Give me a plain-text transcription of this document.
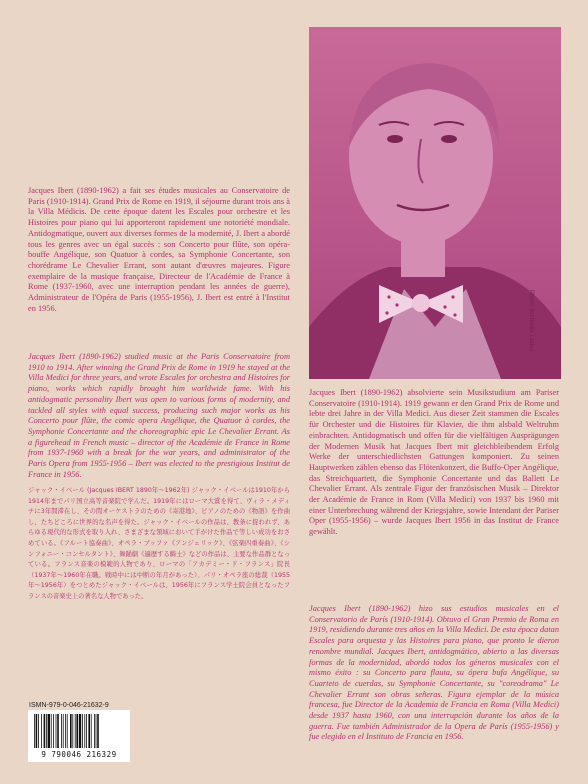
Photo Archives Leduc
Jacques Ibert (1890-1962) a fait ses études musicales au Conservatoire de Paris (1910-1914). Grand Prix de Rome en 1919, il séjourne durant trois ans à la Villa Médicis. De cette époque datent les Escales pour orchestre et les Histoires pour piano qui lui apporteront rapidement une notoriété mondiale. Antidogmatique, ouvert aux diverses formes de la modernité, J. Ibert a abordé tous les genres avec un égal succès : son Concerto pour flûte, son opéra-bouffe Angélique, son Quatuor à cordes, sa Symphonie Concertante, son chorédrame Le Chevalier Errant, sont autant d'œuvres majeures. Figure exemplaire de la musique française, Directeur de l'Académie de France à Rome (1937-1960, avec une interruption pendant les années de guerre), Administrateur de l'Opéra de Paris (1955-1956), J. Ibert est entré à l'Institut en 1956.
Jacques Ibert (1890-1962) studied music at the Paris Conservatoire from 1910 to 1914. After winning the Grand Prix de Rome in 1919 he stayed at the Villa Medici for three years, and wrote Escales for orchestra and Histoires for piano, works which rapidly brought him worldwide fame. With his antidogmatic personality Ibert was open to various forms of modernity, and tackled all styles with equal success, producing such major works as his Concerto pour flûte, the comic opera Angélique, the Quatuor à cordes, the Symphonie Concertante and the choreographic epic Le Chevalier Errant. As a figurehead in French music – director of the Académie de France in Rome from 1937-1960 with a break for the war years, and administrator of the Paris Opera from 1955-1956 – Ibert was elected to the prestigious Institut de France in 1956.
ジャック・イベール (Jacques IBERT 1890年〜1962年) ジャック・イベールは1910年から1914年までパリ国立高等音楽院で学んだ。1919年にはローマ大賞を得て、ヴィラ・メディチに3年間滞在し、その間オーケストラのための《寄港地》、ピアノのための《物語》を作曲し、たちどころに世界的な名声を得た。ジャック・イベールの作品は、教条に捉われず、あらゆる現代的な形式を取り入れ、さまざまな領域において手がけた作品で等しい成功をおさめている。《フルート協奏曲》、オペラ・ブッファ《アンジェリック》、《弦楽四重奏曲》、《シンフォニー・コンセルタント》、舞踊劇《遍歴する騎士》などの作品は、主要な作品群となっている。フランス音楽の模範的人物であり、ローマの「アカデミー・ド・フランス」院長（1937年〜1960年在職。戦時中には中断の年月があった）、パリ・オペラ座の総裁（1955年〜1956年）をつとめたジャック・イベールは、1956年にフランス学士院会員となったフランスの音楽史上の著名な人物であった。
Jacques Ibert (1890-1962) absolvierte sein Musikstudium am Pariser Conservatoire (1910-1914). 1919 gewann er den Grand Prix de Rome und lebte drei Jahre in der Villa Medici. Aus dieser Zeit stammen die Escales für Orchester und die Histoires für Klavier, die ihm alsbald Weltruhm einbrachten. Antidogmatisch und offen für die vielfältigen Ausprägungen der Modernen Musik hat Jacques Ibert mit gleichbleibendem Erfolg Werke der unterschiedlichsten Gattungen komponiert. Zu seinen Hauptwerken zählen ebenso das Flötenkonzert, die Buffo-Oper Angélique, das Streichquartett, die Symphonie Concertante und das Ballett Le Chevalier Errant. Als zentrale Figur der französischen Musik – Direktor der Académie de France in Rom (Villa Medici) von 1937 bis 1960 mit einer Unterbrechung während der Kriegsjahre, sowie Intendant der Pariser Oper (1955-1956) – wurde Jacques Ibert 1956 in das Institut de France gewählt.
Jacques Ibert (1890-1962) hizo sus estudios musicales en el Conservatorio de París (1910-1914). Obtuvo el Gran Premio de Roma en 1919, residiendo durante tres años en la Villa Medici. De esta época datan Escales para orquesta y las Histoires para piano, que pronto le dieron renombre mundial. Jacques Ibert, antidogmático, abierto a las diversas formas de la modernidad, abordó todos los géneros musicales con el mismo éxito : su Concerto para flauta, su ópera bufa Angélique, su Cuarteto de cuerdas, su Symphonie Concertante, su "coreodrama" Le Chevalier Errant son obras señeras. Figura ejemplar de la música francesa, fue Director de la Academia de Francia en Roma (Villa Medici) desde 1937 hasta 1960, con una interrupción durante los años de la guerra. Fue también Administrador de la Opera de París (1955-1956) y fue elegido en el Instituto de Francia en 1956.
ISMN-979-0-046-21632-9
9 790046 216329
